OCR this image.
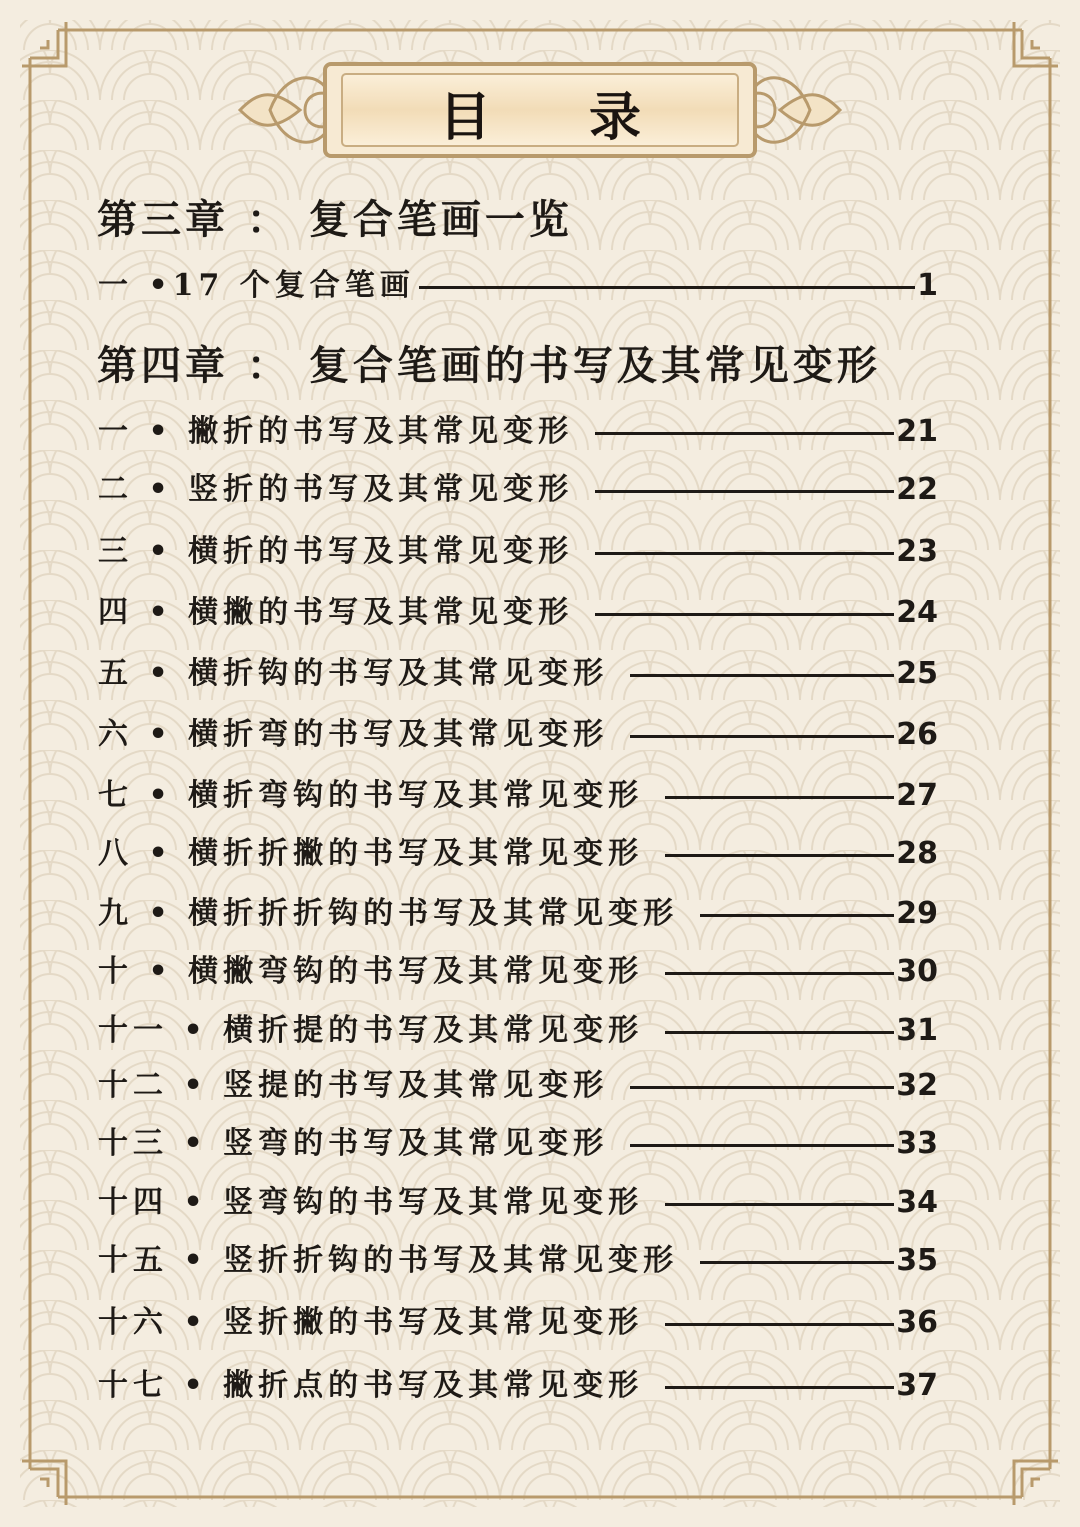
目 录
第三章 ： 复合笔画一览
一 •17 个复合笔画	1
第四章 ： 复合笔画的书写及其常见变形
一 • 撇折的书写及其常见变形	21
二 • 竖折的书写及其常见变形	22
三 • 横折的书写及其常见变形	23
四 • 横撇的书写及其常见变形	24
五 • 横折钩的书写及其常见变形	25
六 • 横折弯的书写及其常见变形	26
七 • 横折弯钩的书写及其常见变形	27
八 • 横折折撇的书写及其常见变形	28
九 • 横折折折钩的书写及其常见变形	29
十 • 横撇弯钩的书写及其常见变形	30
十一 • 横折提的书写及其常见变形	31
十二 • 竖提的书写及其常见变形	32
十三 • 竖弯的书写及其常见变形	33
十四 • 竖弯钩的书写及其常见变形	34
十五 • 竖折折钩的书写及其常见变形	35
十六 • 竖折撇的书写及其常见变形	36
十七 • 撇折点的书写及其常见变形	37
